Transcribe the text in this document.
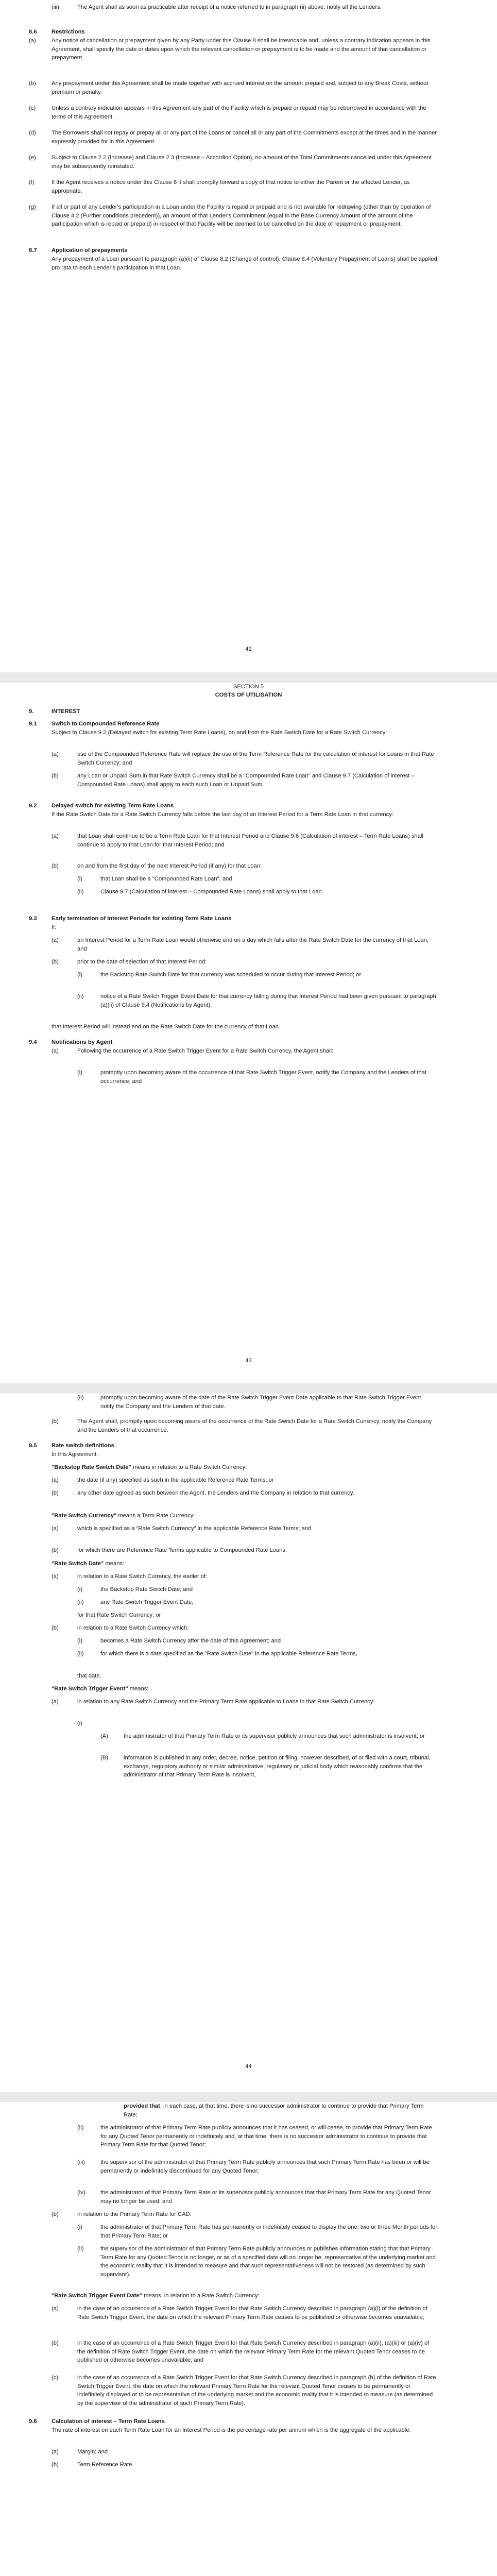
(iii)	The Agent shall as soon as practicable after receipt of a notice referred to in paragraph (ii) above, notify all the Lenders.
8.6	Restrictions
(a)	Any notice of cancellation or prepayment given by any Party under this Clause 8 shall be irrevocable and, unless a contrary indication appears in this Agreement, shall specify the date or dates upon which the relevant cancellation or prepayment is to be made and the amount of that cancellation or prepayment.
(b)	Any prepayment under this Agreement shall be made together with accrued interest on the amount prepaid and, subject to any Break Costs, without premium or penalty.
(c)	Unless a contrary indication appears in this Agreement any part of the Facility which is prepaid or repaid may be reborrowed in accordance with the terms of this Agreement.
(d)	The Borrowers shall not repay or prepay all or any part of the Loans or cancel all or any part of the Commitments except at the times and in the manner expressly provided for in this Agreement.
(e)	Subject to Clause 2.2 (Increase) and Clause 2.3 (Increase – Accordion Option), no amount of the Total Commitments cancelled under this Agreement may be subsequently reinstated.
(f)	If the Agent receives a notice under this Clause 8 it shall promptly forward a copy of that notice to either the Parent or the affected Lender, as appropriate.
(g)	If all or part of any Lender's participation in a Loan under the Facility is repaid or prepaid and is not available for redrawing (other than by operation of Clause 4.2 (Further conditions precedent)), an amount of that Lender's Commitment (equal to the Base Currency Amount of the amount of the participation which is repaid or prepaid) in respect of that Facility will be deemed to be cancelled on the date of repayment or prepayment.
8.7	Application of prepayments
Any prepayment of a Loan pursuant to paragraph (a)(ii) of Clause 8.2 (Change of control), Clause 8.4 (Voluntary Prepayment of Loans) shall be applied pro rata to each Lender's participation in that Loan.
42
SECTION 5
COSTS OF UTILISATION
9.	INTEREST
9.1	Switch to Compounded Reference Rate
Subject to Clause 9.2 (Delayed switch for existing Term Rate Loans), on and from the Rate Switch Date for a Rate Switch Currency:
(a)	use of the Compounded Reference Rate will replace the use of the Term Reference Rate for the calculation of interest for Loans in that Rate Switch Currency; and
(b)	any Loan or Unpaid Sum in that Rate Switch Currency shall be a "Compounded Rate Loan" and Clause 9.7 (Calculation of interest – Compounded Rate Loans) shall apply to each such Loan or Unpaid Sum.
9.2	Delayed switch for existing Term Rate Loans
If the Rate Switch Date for a Rate Switch Currency falls before the last day of an Interest Period for a Term Rate Loan in that currency:
(a)	that Loan shall continue to be a Term Rate Loan for that Interest Period and Clause 9.6 (Calculation of interest – Term Rate Loans) shall continue to apply to that Loan for that Interest Period; and
(b)	on and from the first day of the next Interest Period (if any) for that Loan:
(i)	that Loan shall be a "Compounded Rate Loan"; and
(ii)	Clause 9.7 (Calculation of interest – Compounded Rate Loans) shall apply to that Loan.
9.3	Early termination of Interest Periods for existing Term Rate Loans
If:
(a)	an Interest Period for a Term Rate Loan would otherwise end on a day which falls after the Rate Switch Date for the currency of that Loan; and
(b)	prior to the date of selection of that Interest Period:
(i)	the Backstop Rate Switch Date for that currency was scheduled to occur during that Interest Period; or
(ii)	notice of a Rate Switch Trigger Event Date for that currency falling during that Interest Period had been given pursuant to paragraph (a)(ii) of Clause 9.4 (Notifications by Agent),
that Interest Period will instead end on the Rate Switch Date for the currency of that Loan.
9.4	Notifications by Agent
(a)	Following the occurrence of a Rate Switch Trigger Event for a Rate Switch Currency, the Agent shall:
(i)	promptly upon becoming aware of the occurrence of that Rate Switch Trigger Event, notify the Company and the Lenders of that occurrence; and
43
(ii)	promptly upon becoming aware of the date of the Rate Switch Trigger Event Date applicable to that Rate Switch Trigger Event, notify the Company and the Lenders of that date.
(b)	The Agent shall, promptly upon becoming aware of the occurrence of the Rate Switch Date for a Rate Switch Currency, notify the Company and the Lenders of that occurrence.
9.5	Rate switch definitions
In this Agreement:
"Backstop Rate Switch Date" means in relation to a Rate Switch Currency:
(a)	the date (if any) specified as such in the applicable Reference Rate Terms; or
(b)	any other date agreed as such between the Agent, the Lenders and the Company in relation to that currency.
"Rate Switch Currency" means a Term Rate Currency:
(a)	which is specified as a "Rate Switch Currency" in the applicable Reference Rate Terms; and
(b)	for which there are Reference Rate Terms applicable to Compounded Rate Loans.
"Rate Switch Date" means:
(a)	in relation to a Rate Switch Currency, the earlier of:
(i)	the Backstop Rate Switch Date; and
(ii)	any Rate Switch Trigger Event Date,
for that Rate Switch Currency; or
(b)	in relation to a Rate Switch Currency which:
(i)	becomes a Rate Switch Currency after the date of this Agreement; and
(ii)	for which there is a date specified as the "Rate Switch Date" in the applicable Reference Rate Terms,
that date.
"Rate Switch Trigger Event" means:
(a)	in relation to any Rate Switch Currency and the Primary Term Rate applicable to Loans in that Rate Switch Currency:
(i)
(A)	the administrator of that Primary Term Rate or its supervisor publicly announces that such administrator is insolvent; or
(B)	information is published in any order, decree, notice, petition or filing, however described, of or filed with a court, tribunal, exchange, regulatory authority or similar administrative, regulatory or judicial body which reasonably confirms that the administrator of that Primary Term Rate is insolvent,
44
provided that, in each case, at that time, there is no successor administrator to continue to provide that Primary Term Rate;
(ii)	the administrator of that Primary Term Rate publicly announces that it has ceased, or will cease, to provide that Primary Term Rate for any Quoted Tenor permanently or indefinitely and, at that time, there is no successor administrator to continue to provide that Primary Term Rate for that Quoted Tenor;
(iii)	the supervisor of the administrator of that Primary Term Rate publicly announces that such Primary Term Rate has been or will be permanently or indefinitely discontinued for any Quoted Tenor;
(iv)	the administrator of that Primary Term Rate or its supervisor publicly announces that that Primary Term Rate for any Quoted Tenor may no longer be used; and
(b)	in relation to the Primary Term Rate for CAD:
(i)	the administrator of that Primary Term Rate has permanently or indefinitely ceased to display the one, two or three Month periods for that Primary Term Rate; or
(ii)	the supervisor of the administrator of that Primary Term Rate publicly announces or publishes information stating that that Primary Term Rate for any Quoted Tenor is no longer, or as of a specified date will no longer be, representative of the underlying market and the economic reality that it is intended to measure and that such representativeness will not be restored (as determined by such supervisor).
"Rate Switch Trigger Event Date" means, in relation to a Rate Switch Currency:
(a)	in the case of an occurrence of a Rate Switch Trigger Event for that Rate Switch Currency described in paragraph (a)(i) of the definition of Rate Switch Trigger Event, the date on which the relevant Primary Term Rate ceases to be published or otherwise becomes unavailable;
(b)	in the case of an occurrence of a Rate Switch Trigger Event for that Rate Switch Currency described in paragraph (a)(ii), (a)(iii) or (a)(iv) of the definition of Rate Switch Trigger Event, the date on which the relevant Primary Term Rate for the relevant Quoted Tenor ceases to be published or otherwise becomes unavailable; and
(c)	in the case of an occurrence of a Rate Switch Trigger Event for that Rate Switch Currency described in paragraph (b) of the definition of Rate Switch Trigger Event, the date on which the relevant Primary Term Rate for the relevant Quoted Tenor ceases to be permanently or indefinitely displayed or to be representative of the underlying market and the economic reality that it is intended to measure (as determined by the supervisor of the administrator of such Primary Term Rate).
9.6	Calculation of interest – Term Rate Loans
The rate of interest on each Term Rate Loan for an Interest Period is the percentage rate per annum which is the aggregate of the applicable:
(a)	Margin; and
(b)	Term Reference Rate.
